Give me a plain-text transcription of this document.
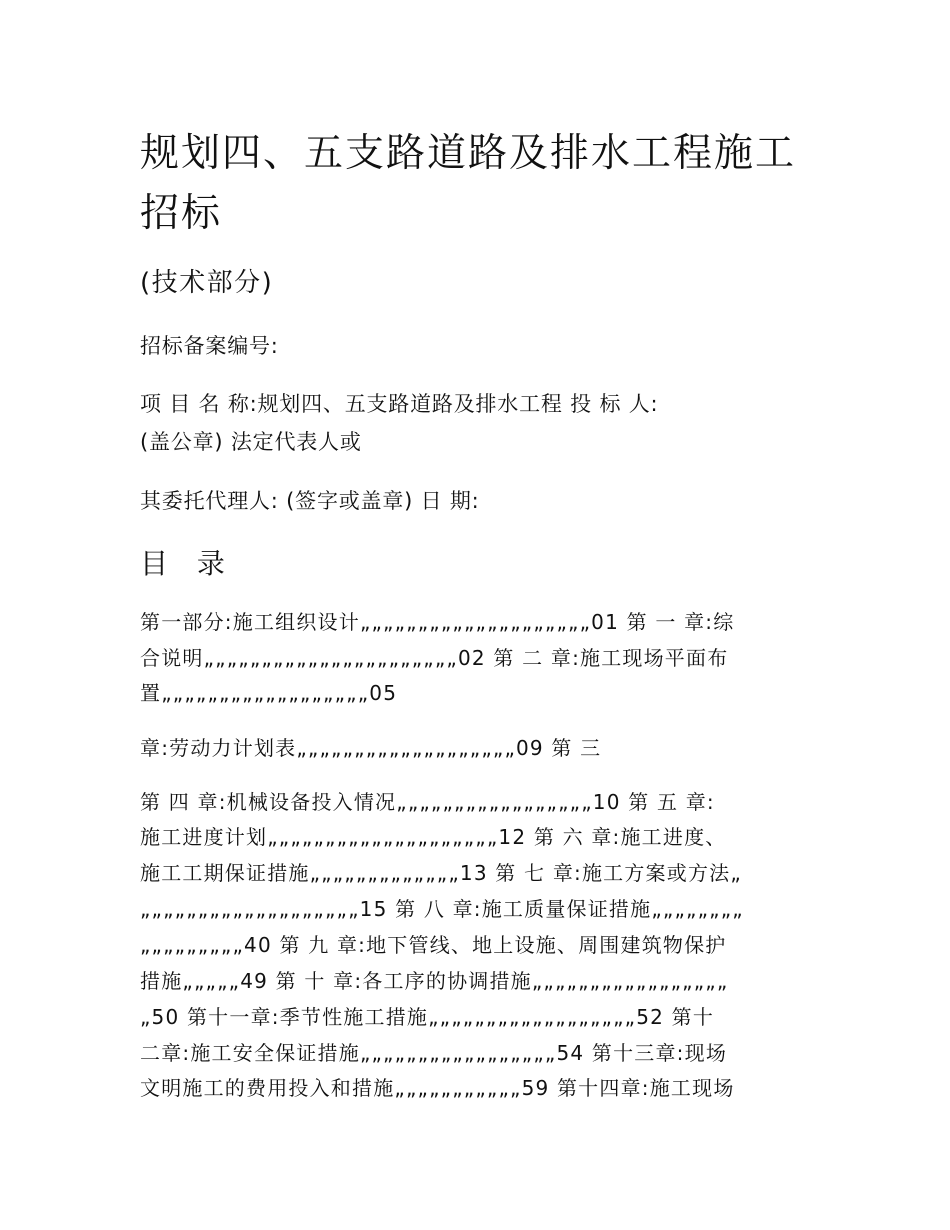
规划四、五支路道路及排水工程施工
招标
(技术部分)
招标备案编号:
项 目 名 称:规划四、五支路道路及排水工程 投 标 人:
(盖公章) 法定代表人或
其委托代理人: (签字或盖章) 日 期:
目 录
第一部分:施工组织设计„„„„„„„„„„„„„„„„„„„„01 第 一 章:综
合说明„„„„„„„„„„„„„„„„„„„„„„02 第 二 章:施工现场平面布
置„„„„„„„„„„„„„„„„„„05
章:劳动力计划表„„„„„„„„„„„„„„„„„„„09 第 三
第 四 章:机械设备投入情况„„„„„„„„„„„„„„„„„10 第 五 章:
施工进度计划„„„„„„„„„„„„„„„„„„„„12 第 六 章:施工进度、
施工工期保证措施„„„„„„„„„„„„„13 第 七 章:施工方案或方法„
„„„„„„„„„„„„„„„„„„„15 第 八 章:施工质量保证措施„„„„„„„„
„„„„„„„„„40 第 九 章:地下管线、地上设施、周围建筑物保护
措施„„„„„49 第 十 章:各工序的协调措施„„„„„„„„„„„„„„„„„
„50 第十一章:季节性施工措施„„„„„„„„„„„„„„„„„„52 第十
二章:施工安全保证措施„„„„„„„„„„„„„„„„„54 第十三章:现场
文明施工的费用投入和措施„„„„„„„„„„„59 第十四章:施工现场
